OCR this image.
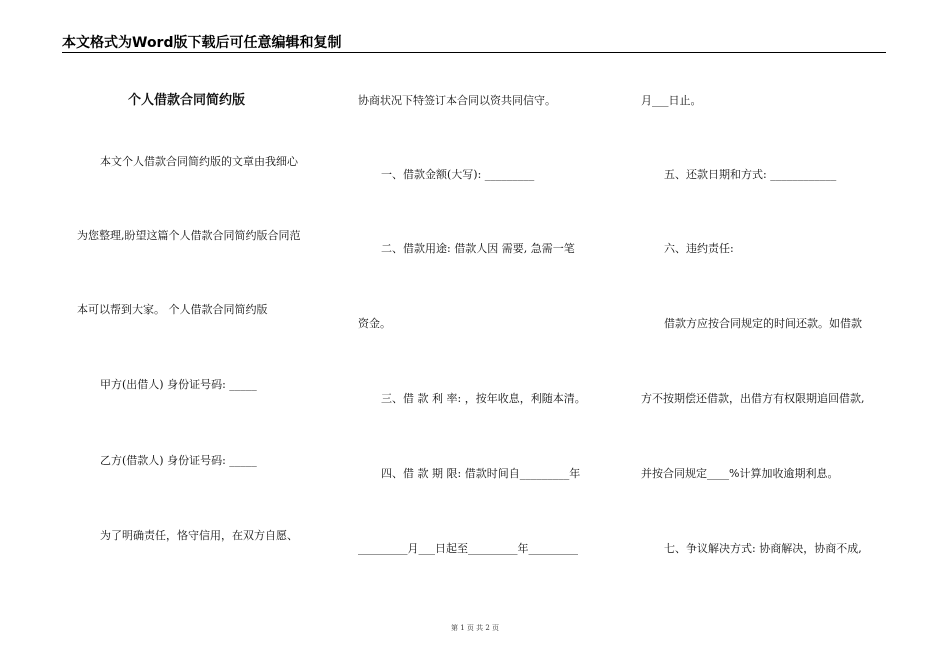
本文格式为Word版下载后可任意编辑和复制
个人借款合同简约版
本文个人借款合同简约版的文章由我细心
为您整理,盼望这篇个人借款合同简约版合同范
本可以帮到大家。 个人借款合同简约版
甲方(出借人) 身份证号码: _____
乙方(借款人) 身份证号码: _____
为了明确责任，恪守信用，在双方自愿、
协商状况下特签订本合同以资共同信守。
一、借款金额(大写): _________
二、借款用途: 借款人因 需要, 急需一笔
资金。
三、借 款 利 率: ，按年收息，利随本清。
四、借 款 期 限: 借款时间自_________年
_________月___日起至_________年_________
月___日止。
五、还款日期和方式: ____________
六、违约责任:
借款方应按合同规定的时间还款。如借款
方不按期偿还借款，出借方有权限期追回借款,
并按合同规定____%计算加收逾期利息。
七、争议解决方式: 协商解决，协商不成,
第 1 页 共 2 页
